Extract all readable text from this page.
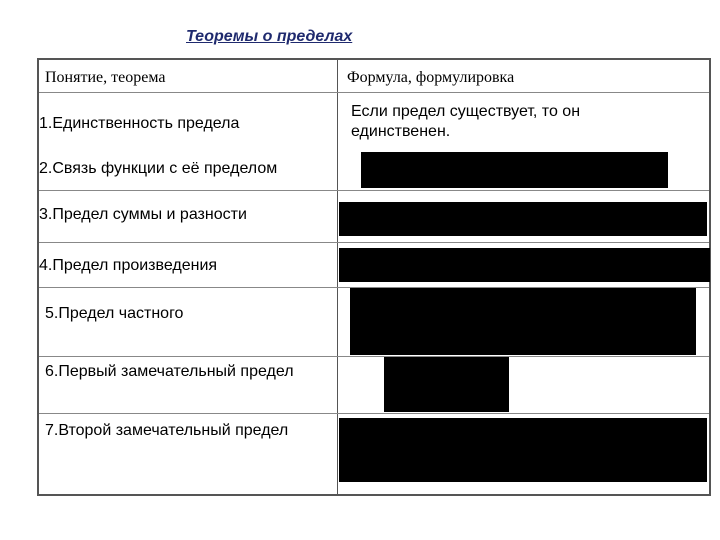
Теоремы о пределах
Понятие, теорема	Формула, формулировка
1.Единственность предела
Если предел существует, то он единственен.
2.Связь функции с её пределом
3.Предел суммы и разности
4.Предел произведения
5.Предел частного
6.Первый замечательный предел
7.Второй замечательный предел
